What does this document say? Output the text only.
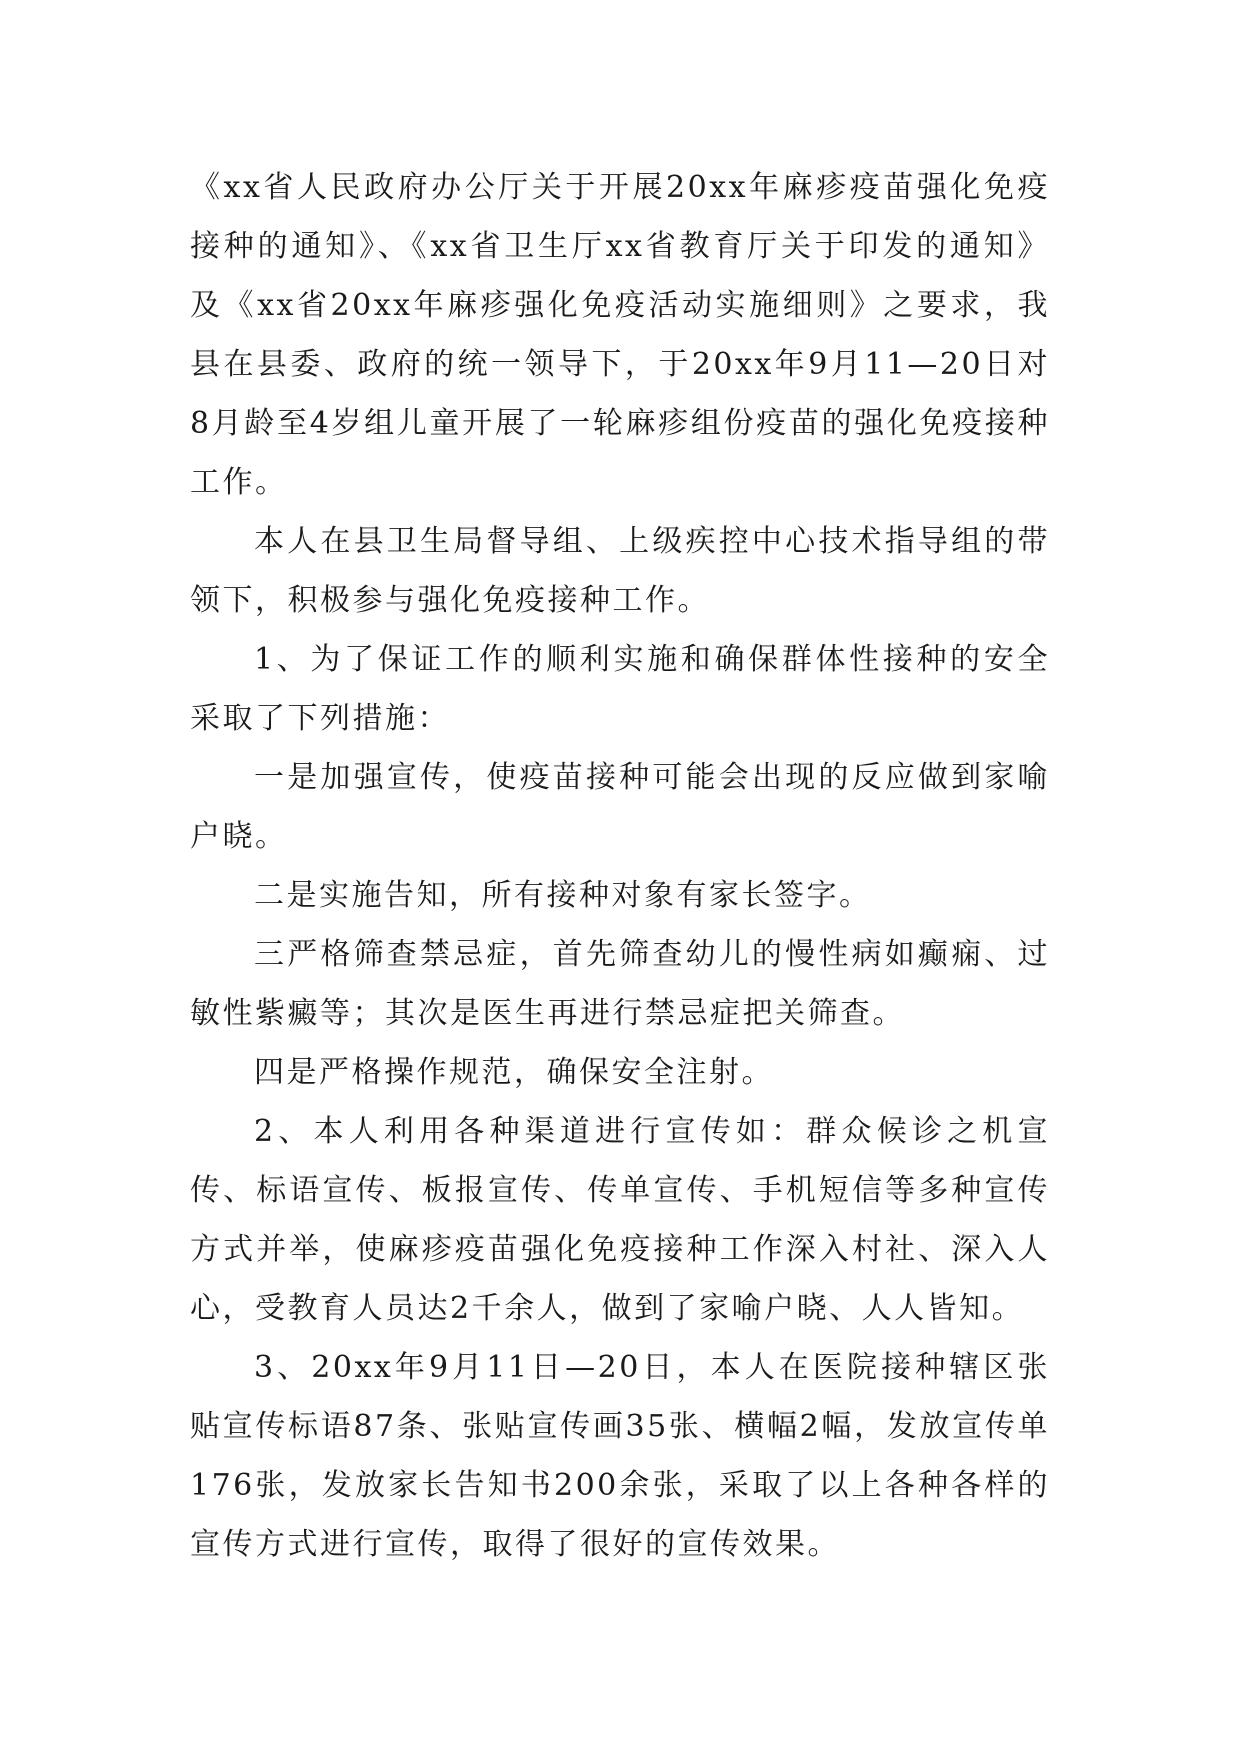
《xx省人民政府办公厅关于开展20xx年麻疹疫苗强化免疫接种的通知》、《xx省卫生厅xx省教育厅关于印发的通知》及《xx省20xx年麻疹强化免疫活动实施细则》之要求，我县在县委、政府的统一领导下，于20xx年9月11—20日对8月龄至4岁组儿童开展了一轮麻疹组份疫苗的强化免疫接种工作。

本人在县卫生局督导组、上级疾控中心技术指导组的带领下，积极参与强化免疫接种工作。

1、为了保证工作的顺利实施和确保群体性接种的安全采取了下列措施：

一是加强宣传，使疫苗接种可能会出现的反应做到家喻户晓。

二是实施告知，所有接种对象有家长签字。

三严格筛查禁忌症，首先筛查幼儿的慢性病如癫痫、过敏性紫癜等；其次是医生再进行禁忌症把关筛查。

四是严格操作规范，确保安全注射。

2、本人利用各种渠道进行宣传如：群众候诊之机宣传、标语宣传、板报宣传、传单宣传、手机短信等多种宣传方式并举，使麻疹疫苗强化免疫接种工作深入村社、深入人心，受教育人员达2千余人，做到了家喻户晓、人人皆知。

3、20xx年9月11日—20日，本人在医院接种辖区张贴宣传标语87条、张贴宣传画35张、横幅2幅，发放宣传单176张，发放家长告知书200余张，采取了以上各种各样的宣传方式进行宣传，取得了很好的宣传效果。
